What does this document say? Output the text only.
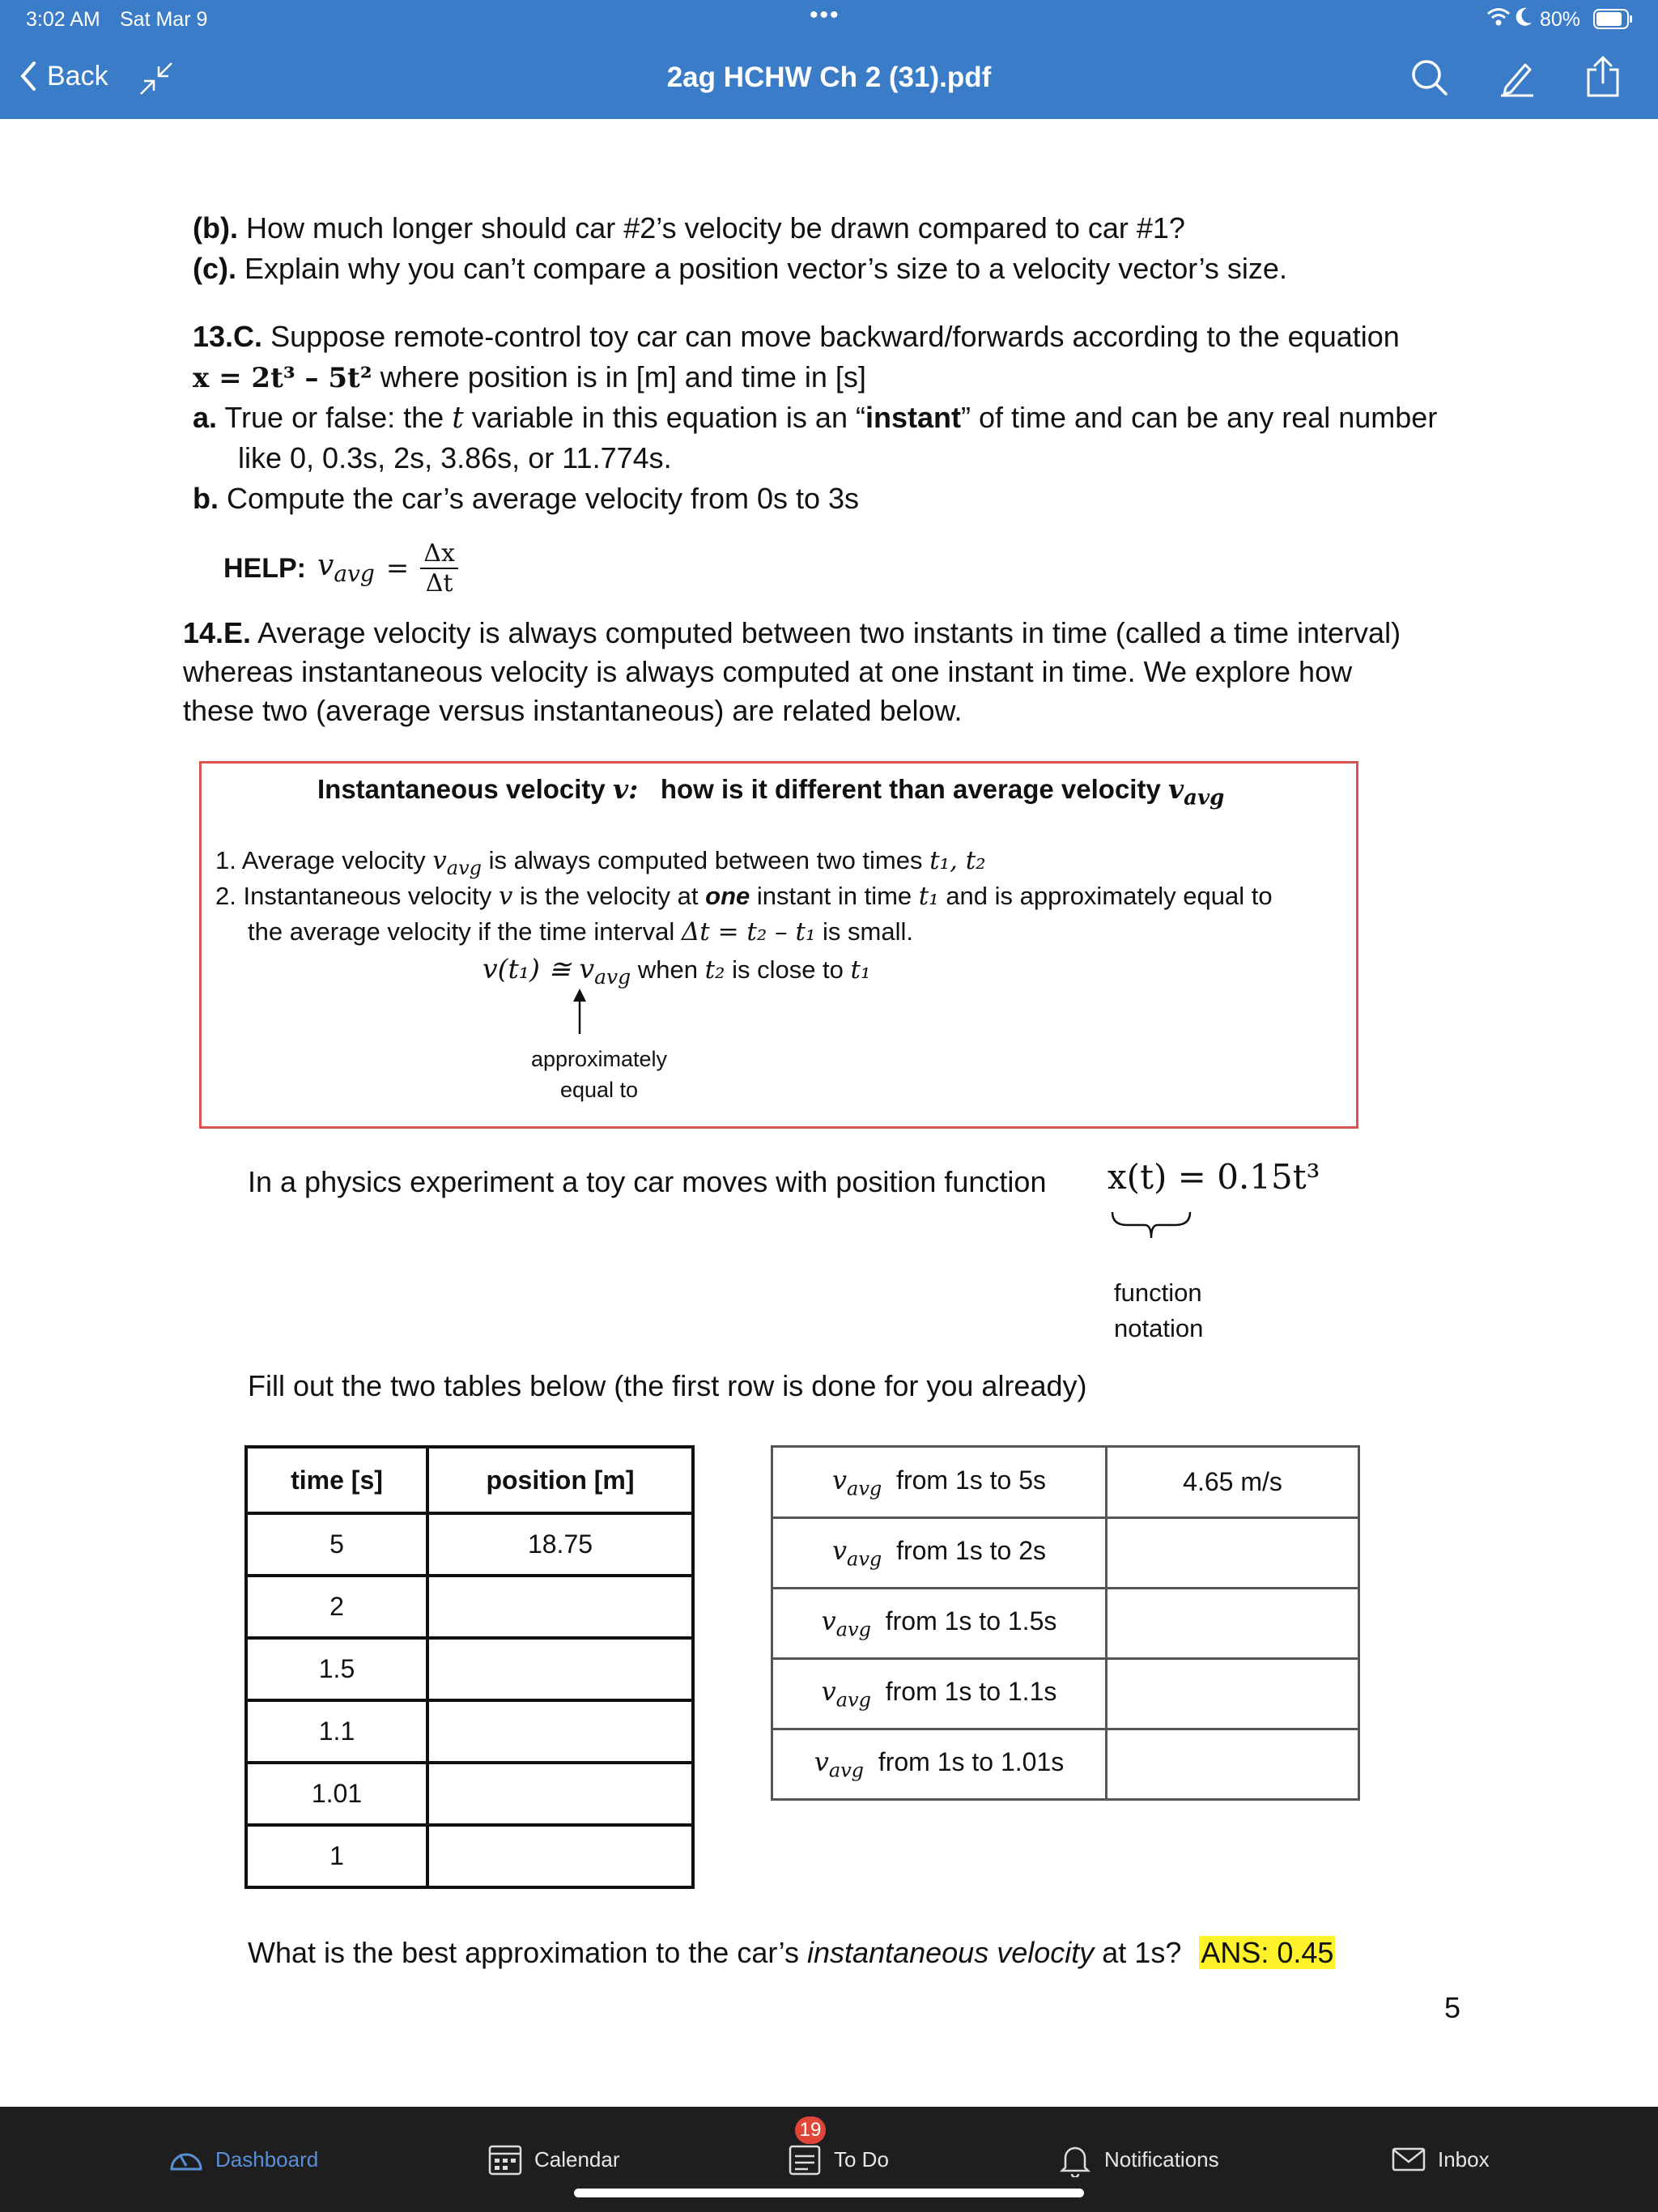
3:02 AM Sat Mar 9	•••	80%
Back	2ag HCHW Ch 2 (31).pdf
(b). How much longer should car #2’s velocity be drawn compared to car #1?
(c). Explain why you can’t compare a position vector’s size to a velocity vector’s size.
13.C. Suppose remote-control toy car can move backward/forwards according to the equation
x = 2t³ – 5t² where position is in [m] and time in [s]
a. True or false: the t variable in this equation is an “instant” of time and can be any real number
like 0, 0.3s, 2s, 3.86s, or 11.774s.
b. Compute the car’s average velocity from 0s to 3s
HELP: $v_{avg} = \frac{\Delta x}{\Delta t}$
14.E. Average velocity is always computed between two instants in time (called a time interval)
whereas instantaneous velocity is always computed at one instant in time. We explore how
these two (average versus instantaneous) are related below.
Instantaneous velocity v: how is it different than average velocity $v_{avg}$
1. Average velocity $v_{avg}$ is always computed between two times t₁, t₂
2. Instantaneous velocity v is the velocity at one instant in time t₁ and is approximately equal to
the average velocity if the time interval Δt = t₂ – t₁ is small.
v(t₁) ≅ $v_{avg}$ when t₂ is close to t₁
approximately
equal to
In a physics experiment a toy car moves with position function x(t) = 0.15t³
function
notation
Fill out the two tables below (the first row is done for you already)
time [s]	position [m]
5	18.75
2	
1.5	
1.1	
1.01	
1	
$v_{avg}$ from 1s to 5s	4.65 m/s
$v_{avg}$ from 1s to 2s	
$v_{avg}$ from 1s to 1.5s	
$v_{avg}$ from 1s to 1.1s	
$v_{avg}$ from 1s to 1.01s	
What is the best approximation to the car’s instantaneous velocity at 1s? ANS: 0.45
5
Dashboard	Calendar	To Do
19
Notifications	Inbox
